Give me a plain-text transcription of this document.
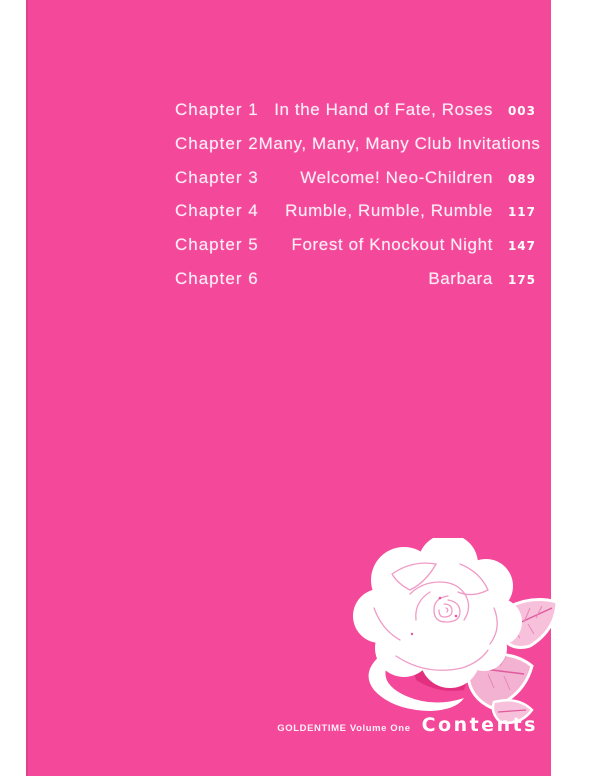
Chapter 1 In the Hand of Fate, Roses	003
Chapter 2 Many, Many, Many Club Invitations 055
Chapter 3	Welcome! Neo-Children	089
Chapter 4	Rumble, Rumble, Rumble	117
Chapter 5	Forest of Knockout Night	147
Chapter 6	Barbara	175
GOLDENTIME Volume One Contents
